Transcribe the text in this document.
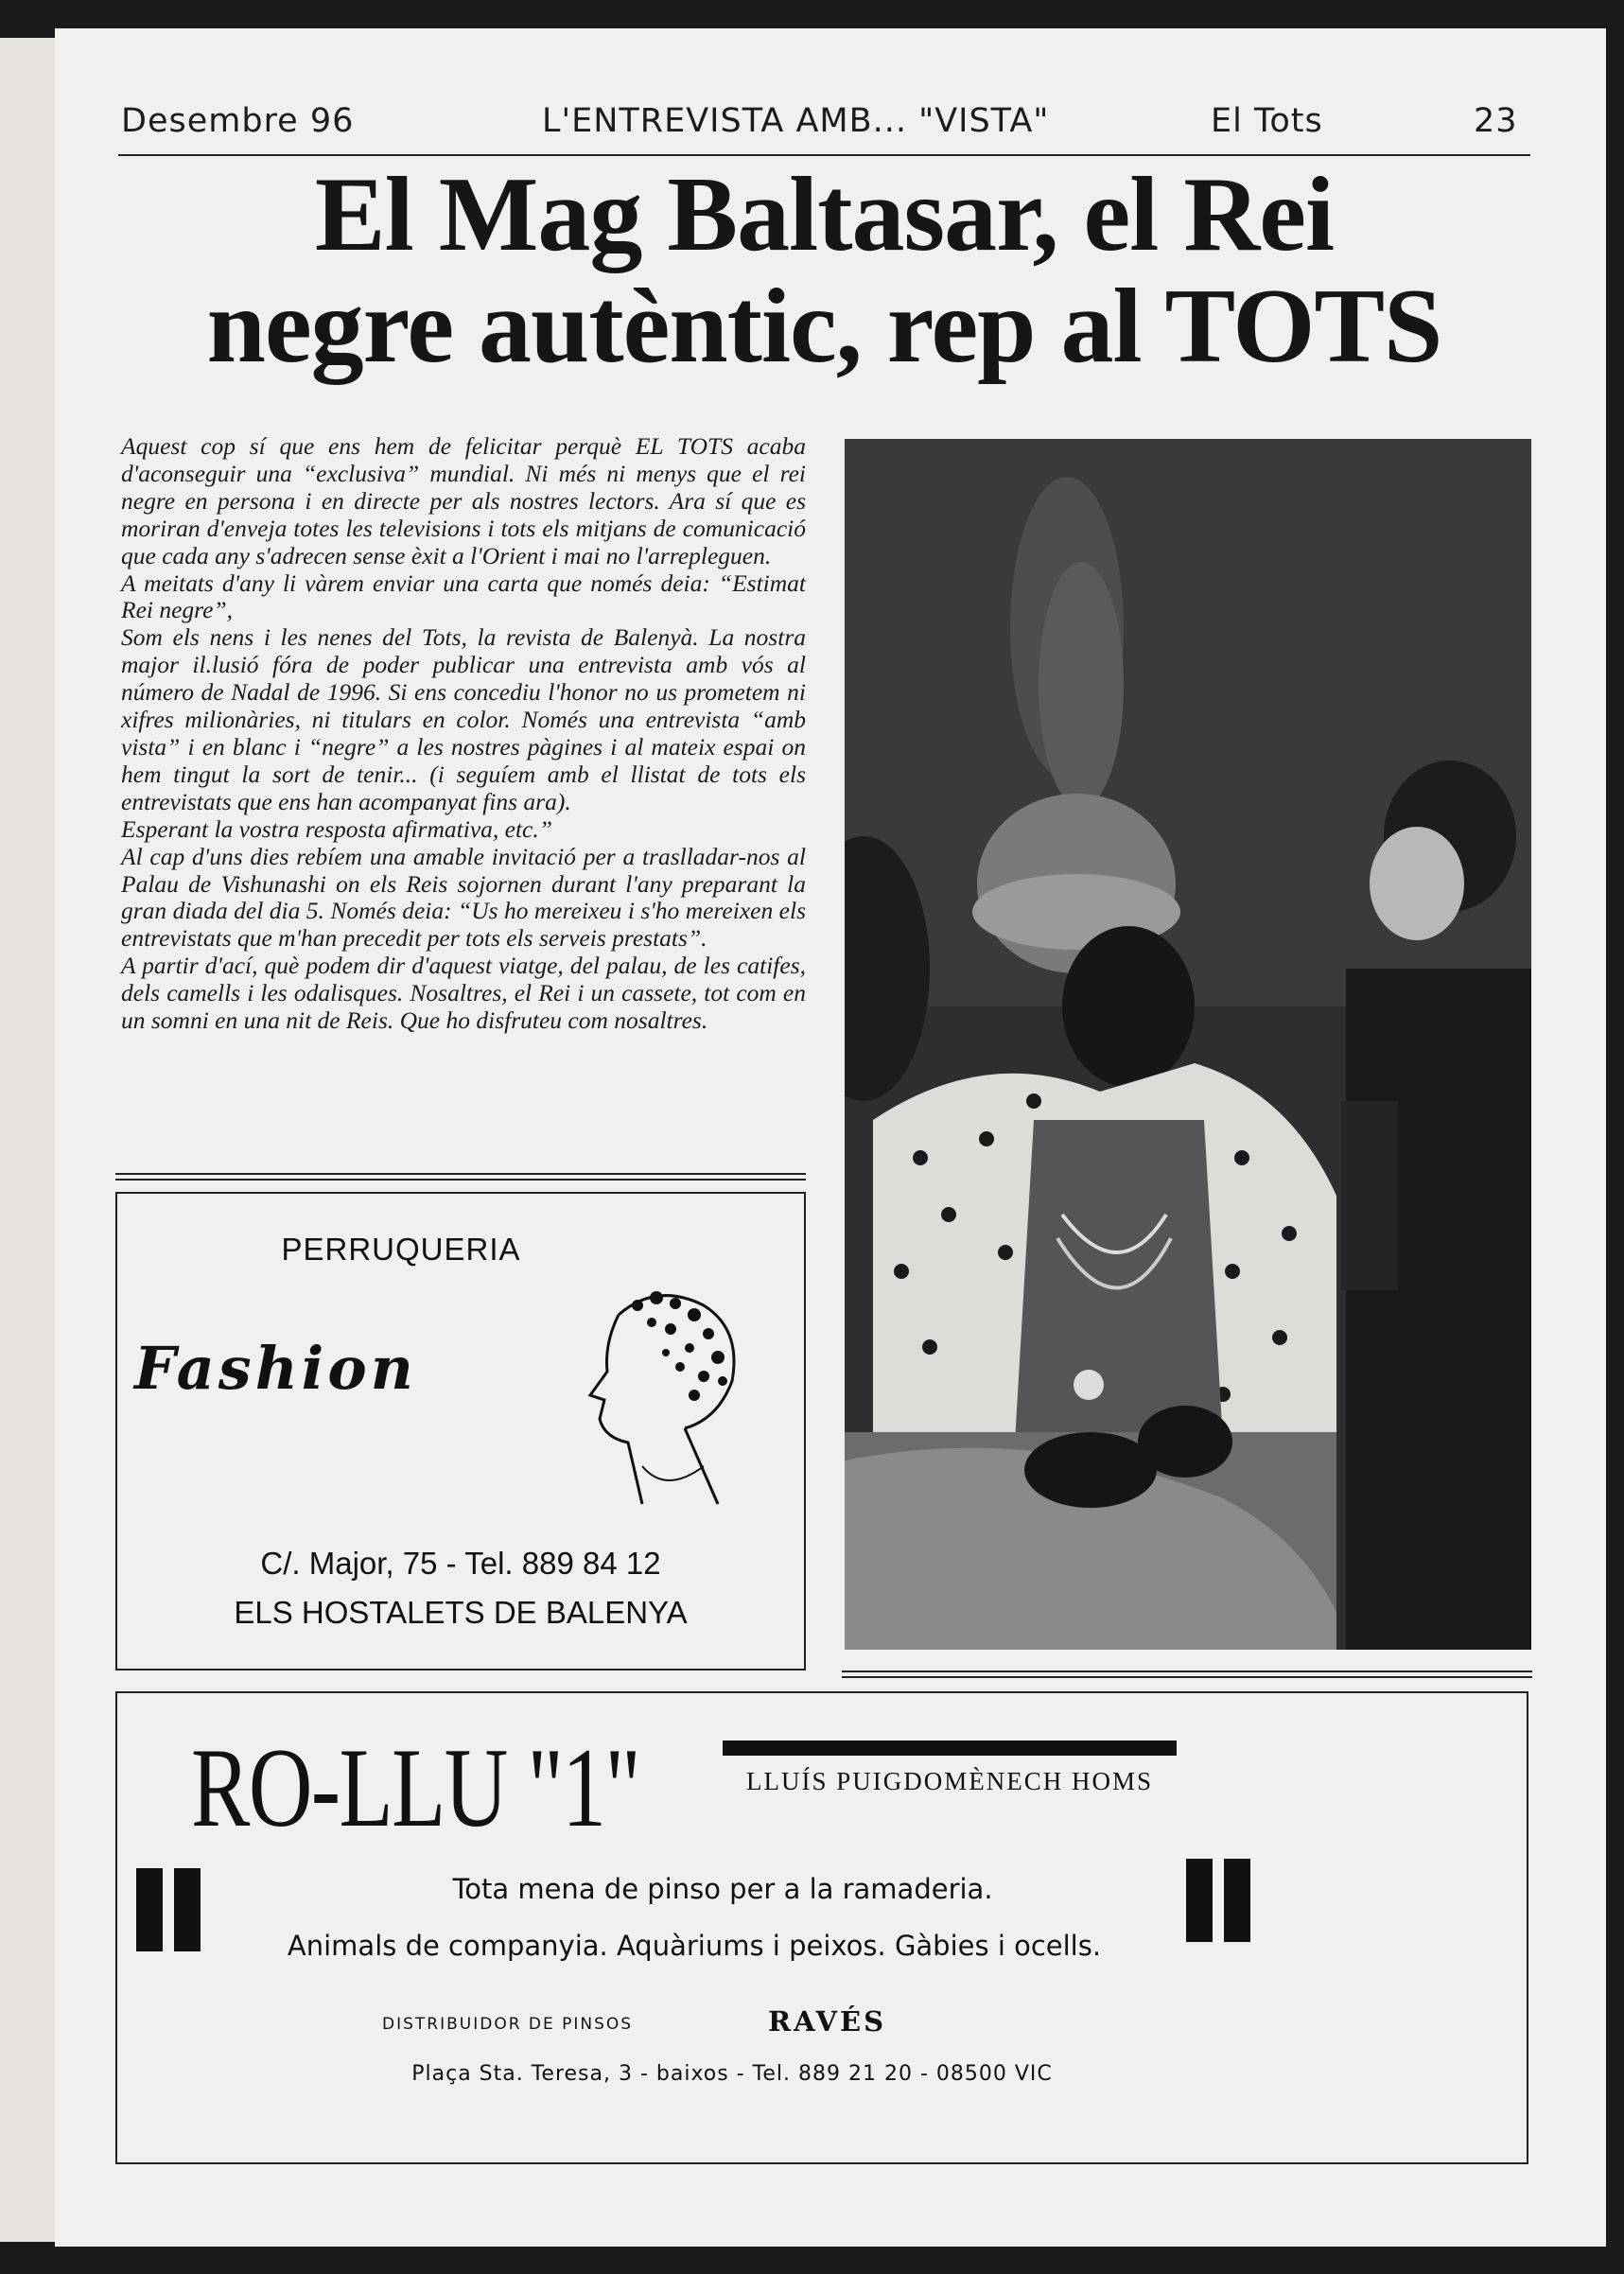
Desembre 96	L'ENTREVISTA AMB... "VISTA"	El Tots	23
El Mag Baltasar, el Rei
negre autèntic, rep al TOTS

Aquest cop sí que ens hem de felicitar perquè EL TOTS acaba d'aconseguir una “exclusiva” mundial. Ni més ni menys que el rei negre en persona i en directe per als nostres lectors. Ara sí que es moriran d'enveja totes les televisions i tots els mitjans de comunicació que cada any s'adrecen sense èxit a l'Orient i mai no l'arrepleguen.

A meitats d'any li vàrem enviar una carta que només deia: “Estimat Rei negre”,

Som els nens i les nenes del Tots, la revista de Balenyà. La nostra major il.lusió fóra de poder publicar una entrevista amb vós al número de Nadal de 1996. Si ens concediu l'honor no us prometem ni xifres milionàries, ni titulars en color. Només una entrevista “amb vista” i en blanc i “negre” a les nostres pàgines i al mateix espai on hem tingut la sort de tenir... (i seguíem amb el llistat de tots els entrevistats que ens han acompanyat fins ara).

Esperant la vostra resposta afirmativa, etc.”

Al cap d'uns dies rebíem una amable invitació per a traslladar-nos al Palau de Vishunashi on els Reis sojornen durant l'any preparant la gran diada del dia 5. Només deia: “Us ho mereixeu i s'ho mereixen els entrevistats que m'han precedit per tots els serveis prestats”.

A partir d'ací, què podem dir d'aquest viatge, del palau, de les catifes, dels camells i les odalisques. Nosaltres, el Rei i un cassete, tot com en un somni en una nit de Reis. Que ho disfruteu com nosaltres.

PERRUQUERIA
Fashion
C/. Major, 75 - Tel. 889 84 12
ELS HOSTALETS DE BALENYA
RO-LLU "1"	LLUÍS PUIGDOMÈNECH HOMS
Tota mena de pinso per a la ramaderia.
Animals de companyia. Aquàriums i peixos. Gàbies i ocells.
DISTRIBUIDOR DE PINSOS	RAVÉS
Plaça Sta. Teresa, 3 - baixos - Tel. 889 21 20 - 08500 VIC
